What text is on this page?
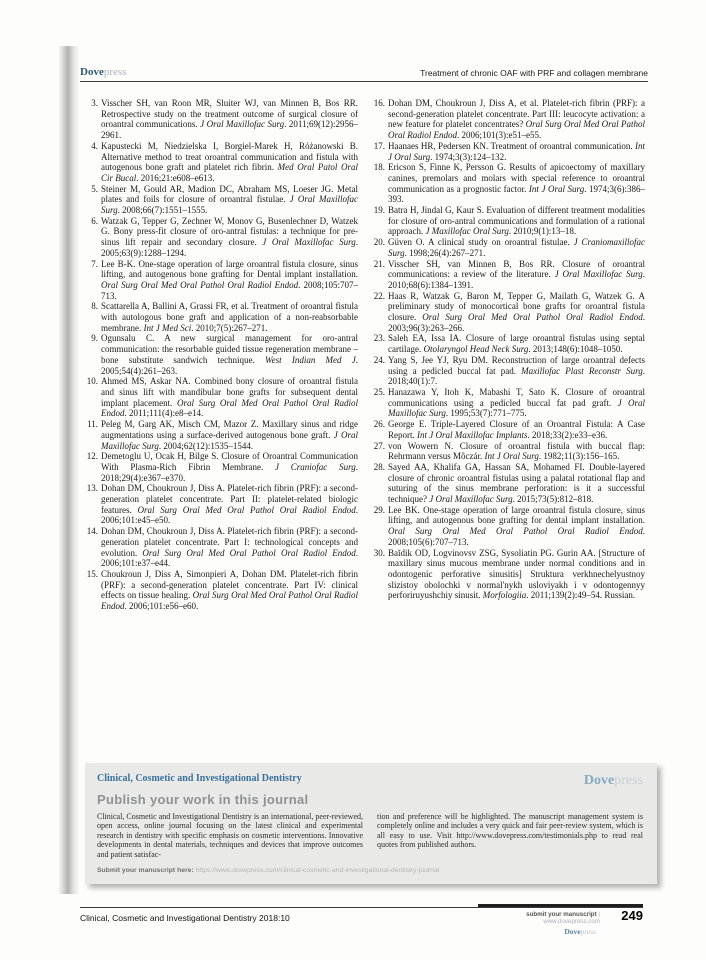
Dovepress	Treatment of chronic OAF with PRF and collagen membrane
3. Visscher SH, van Roon MR, Sluiter WJ, van Minnen B, Bos RR. Retrospective study on the treatment outcome of surgical closure of oroantral communications. J Oral Maxillofac Surg. 2011;69(12):2956–2961.
4. Kapustecki M, Niedzielska I, Borgiel-Marek H, Różanowski B. Alternative method to treat oroantral communication and fistula with autogenous bone graft and platelet rich fibrin. Med Oral Patol Oral Cir Bucal. 2016;21:e608–e613.
5. Steiner M, Gould AR, Madion DC, Abraham MS, Loeser JG. Metal plates and foils for closure of oroantral fistulae. J Oral Maxillofac Surg. 2008;66(7):1551–1555.
6. Watzak G, Tepper G, Zechner W, Monov G, Busenlechner D, Watzek G. Bony press-fit closure of oro-antral fistulas: a technique for pre-sinus lift repair and secondary closure. J Oral Maxillofac Surg. 2005;63(9):1288–1294.
7. Lee B-K. One-stage operation of large oroantral fistula closure, sinus lifting, and autogenous bone grafting for Dental implant installation. Oral Surg Oral Med Oral Pathol Oral Radiol Endod. 2008;105:707–713.
8. Scattarella A, Ballini A, Grassi FR, et al. Treatment of oroantral fistula with autologous bone graft and application of a non-reabsorbable membrane. Int J Med Sci. 2010;7(5):267–271.
9. Ogunsalu C. A new surgical management for oro-antral communication: the resorbable guided tissue regeneration membrane – bone substitute sandwich technique. West Indian Med J. 2005;54(4):261–263.
10. Ahmed MS, Askar NA. Combined bony closure of oroantral fistula and sinus lift with mandibular bone grafts for subsequent dental implant placement. Oral Surg Oral Med Oral Pathol Oral Radiol Endod. 2011;111(4):e8–e14.
11. Peleg M, Garg AK, Misch CM, Mazor Z. Maxillary sinus and ridge augmentations using a surface-derived autogenous bone graft. J Oral Maxillofac Surg. 2004;62(12):1535–1544.
12. Demetoglu U, Ocak H, Bilge S. Closure of Oroantral Communication With Plasma-Rich Fibrin Membrane. J Craniofac Surg. 2018;29(4):e367–e370.
13. Dohan DM, Choukroun J, Diss A. Platelet-rich fibrin (PRF): a second-generation platelet concentrate. Part II: platelet-related biologic features. Oral Surg Oral Med Oral Pathol Oral Radiol Endod. 2006;101:e45–e50.
14. Dohan DM, Choukroun J, Diss A. Platelet-rich fibrin (PRF): a second-generation platelet concentrate. Part I: technological concepts and evolution. Oral Surg Oral Med Oral Pathol Oral Radiol Endod. 2006;101:e37–e44.
15. Choukroun J, Diss A, Simonpieri A, Dohan DM. Platelet-rich fibrin (PRF): a second-generation platelet concentrate. Part IV: clinical effects on tissue healing. Oral Surg Oral Med Oral Pathol Oral Radiol Endod. 2006;101:e56–e60.
16. Dohan DM, Choukroun J, Diss A, et al. Platelet-rich fibrin (PRF): a second-generation platelet concentrate. Part III: leucocyte activation: a new feature for platelet concentrates? Oral Surg Oral Med Oral Pathol Oral Radiol Endod. 2006;101(3):e51–e55.
17. Haanaes HR, Pedersen KN. Treatment of oroantral communication. Int J Oral Surg. 1974;3(3):124–132.
18. Ericson S, Finne K, Persson G. Results of apicoectomy of maxillary canines, premolars and molars with special reference to oroantral communication as a prognostic factor. Int J Oral Surg. 1974;3(6):386–393.
19. Batra H, Jindal G, Kaur S. Evaluation of different treatment modalities for closure of oro-antral communications and formulation of a rational approach. J Maxillofac Oral Surg. 2010;9(1):13–18.
20. Güven O. A clinical study on oroantral fistulae. J Craniomaxillofac Surg. 1998;26(4):267–271.
21. Visscher SH, van Minnen B, Bos RR. Closure of oroantral communications: a review of the literature. J Oral Maxillofac Surg. 2010;68(6):1384–1391.
22. Haas R, Watzak G, Baron M, Tepper G, Mailath G, Watzek G. A preliminary study of monocortical bone grafts for oroantral fistula closure. Oral Surg Oral Med Oral Pathol Oral Radiol Endod. 2003;96(3):263–266.
23. Saleh EA, Issa IA. Closure of large oroantral fistulas using septal cartilage. Otolaryngol Head Neck Surg. 2013;148(6):1048–1050.
24. Yang S, Jee YJ, Ryu DM. Reconstruction of large oroantral defects using a pedicled buccal fat pad. Maxillofac Plast Reconstr Surg. 2018;40(1):7.
25. Hanazawa Y, Itoh K, Mabashi T, Sato K. Closure of oroantral communications using a pedicled buccal fat pad graft. J Oral Maxillofac Surg. 1995;53(7):771–775.
26. George E. Triple-Layered Closure of an Oroantral Fistula: A Case Report. Int J Oral Maxillofac Implants. 2018;33(2):e33–e36.
27. von Wowern N. Closure of oroantral fistula with buccal flap: Rehrmann versus Môczár. Int J Oral Surg. 1982;11(3):156–165.
28. Sayed AA, Khalifa GA, Hassan SA, Mohamed FI. Double-layered closure of chronic oroantral fistulas using a palatal rotational flap and suturing of the sinus membrane perforation: is it a successful technique? J Oral Maxillofac Surg. 2015;73(5):812–818.
29. Lee BK. One-stage operation of large oroantral fistula closure, sinus lifting, and autogenous bone grafting for dental implant installation. Oral Surg Oral Med Oral Pathol Oral Radiol Endod. 2008;105(6):707–713.
30. Baĭdik OD, Logvinovsv ZSG, Sysoliatin PG. Gurin AA. [Structure of maxillary sinus mucous membrane under normal conditions and in odontogenic perforative sinusitis] Struktura verkhnechelyustnoy slizistoy obolochki v normal'nykh usloviyakh i v odontogennyy perforiruyushchiy sinusit. Morfologiia. 2011;139(2):49–54. Russian.
Clinical, Cosmetic and Investigational Dentistry	Dovepress
Publish your work in this journal
Clinical, Cosmetic and Investigational Dentistry is an international, peer-reviewed, open access, online journal focusing on the latest clinical and experimental research in dentistry with specific emphasis on cosmetic interventions. Innovative developments in dental materials, techniques and devices that improve outcomes and patient satisfac-
tion and preference will be highlighted. The manuscript management system is completely online and includes a very quick and fair peer-review system, which is all easy to use. Visit http://www.dovepress.com/testimonials.php to read real quotes from published authors.
Submit your manuscript here: https://www.dovepress.com/clinical-cosmetic-and-investigational-dentistry-journal
Clinical, Cosmetic and Investigational Dentistry 2018:10	submit your manuscript | www.dovepress.com
Dovepress
249
